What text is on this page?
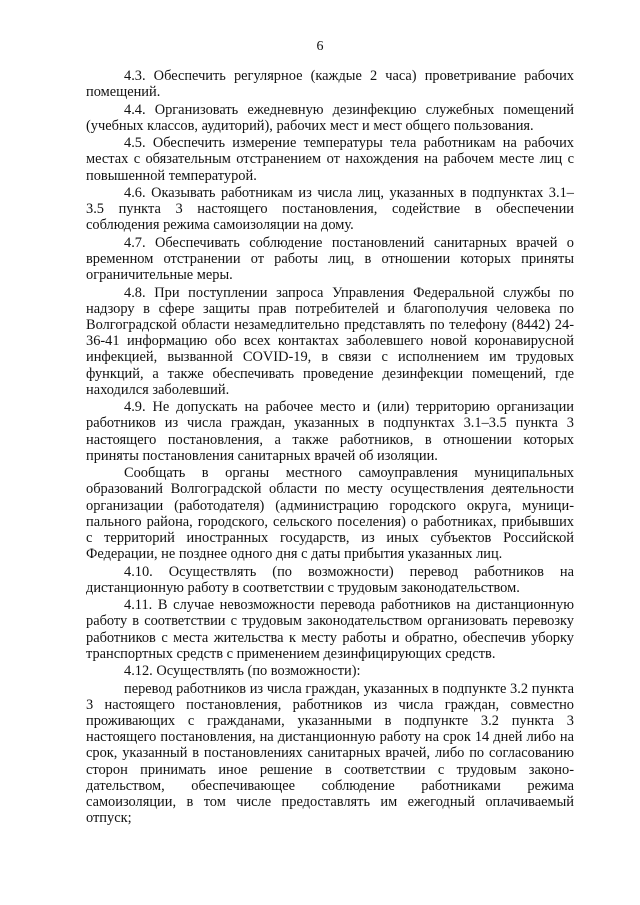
6

4.3. Обеспечить регулярное (каждые 2 часа) проветривание рабочих помещений.

4.4. Организовать ежедневную дезинфекцию служебных помещений (учебных классов, аудиторий), рабочих мест и мест общего пользования.

4.5. Обеспечить измерение температуры тела работникам на рабочих местах с обязательным отстранением от нахождения на рабочем месте лиц с повышенной температурой.

4.6. Оказывать работникам из числа лиц, указанных в подпунктах 3.1–3.5 пункта 3 настоящего постановления, содействие в обеспечении соблюдения режима самоизоляции на дому.

4.7. Обеспечивать соблюдение постановлений санитарных врачей о временном отстранении от работы лиц, в отношении которых приняты ограничительные меры.

4.8. При поступлении запроса Управления Федеральной службы по надзору в сфере защиты прав потребителей и благополучия человека по Волгоградской области незамедлительно представлять по телефону (8442) 24-36-41 информацию обо всех контактах заболевшего новой коронавирусной инфекцией, вызванной COVID-19, в связи с исполнением им трудовых функций, а также обеспечивать проведение дезинфекции помещений, где находился заболевший.

4.9. Не допускать на рабочее место и (или) территорию организации работников из числа граждан, указанных в подпунктах 3.1–3.5 пункта 3 настоящего постановления, а также работников, в отношении которых приняты постановления санитарных врачей об изоляции.

Сообщать в органы местного самоуправления муниципальных образований Волгоградской области по месту осуществления деятельности организации (работодателя) (администрацию городского округа, муници-пального района, городского, сельского поселения) о работниках, прибывших с территорий иностранных государств, из иных субъектов Российской Федерации, не позднее одного дня с даты прибытия указанных лиц.

4.10. Осуществлять (по возможности) перевод работников на дистанционную работу в соответствии с трудовым законодательством.

4.11. В случае невозможности перевода работников на дистанционную работу в соответствии с трудовым законодательством организовать перевозку работников с места жительства к месту работы и обратно, обеспечив уборку транспортных средств с применением дезинфицирующих средств.

4.12. Осуществлять (по возможности):

перевод работников из числа граждан, указанных в подпункте 3.2 пункта 3 настоящего постановления, работников из числа граждан, совместно проживающих с гражданами, указанными в подпункте 3.2 пункта 3 настоящего постановления, на дистанционную работу на срок 14 дней либо на срок, указанный в постановлениях санитарных врачей, либо по согласованию сторон принимать иное решение в соответствии с трудовым законо-дательством, обеспечивающее соблюдение работниками режима самоизоляции, в том числе предоставлять им ежегодный оплачиваемый отпуск;
